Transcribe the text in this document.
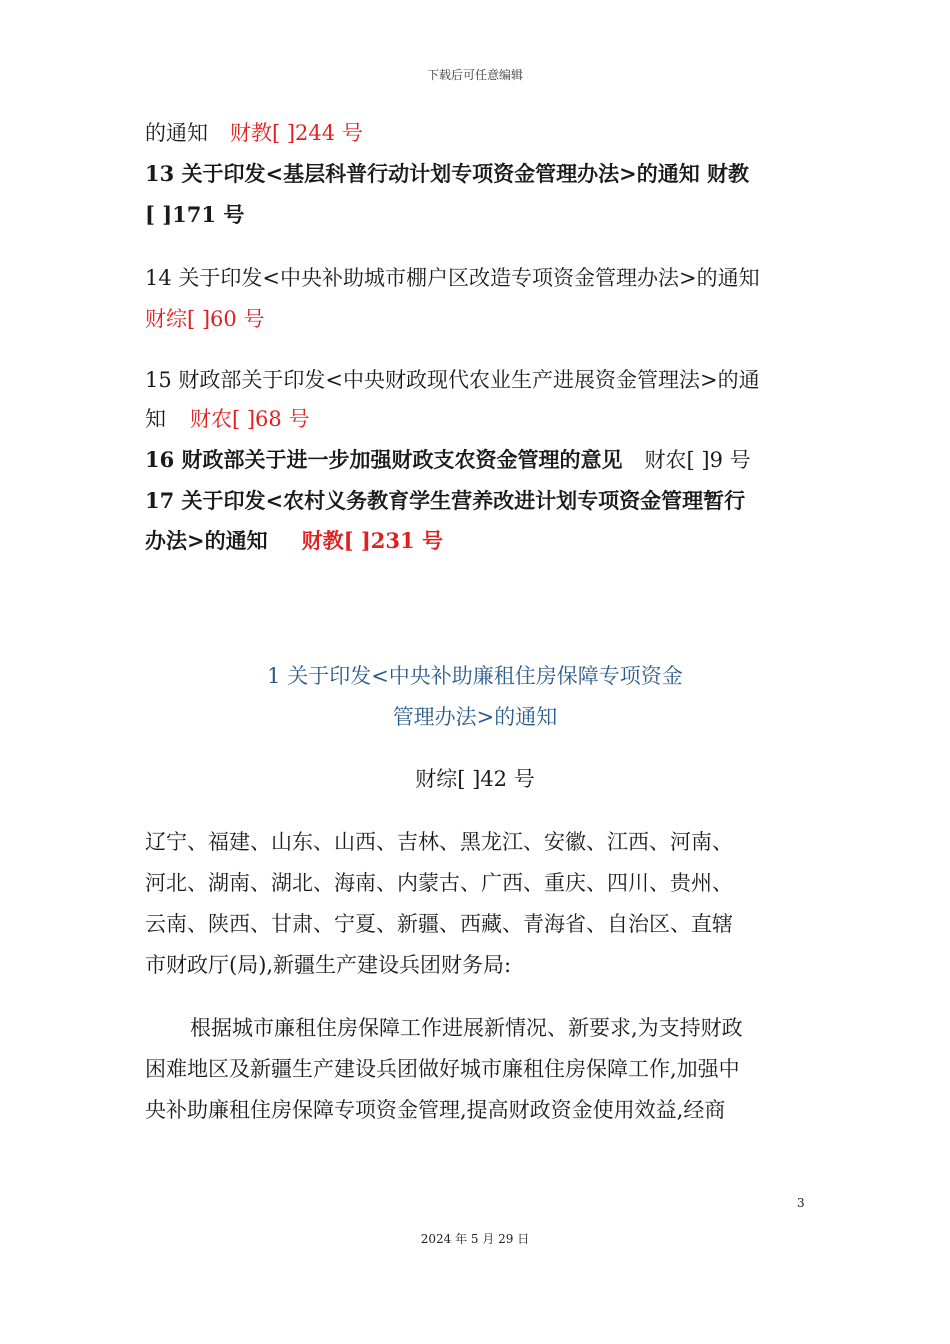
下载后可任意编辑
的通知 财教[ ]244 号
13 关于印发<基层科普行动计划专项资金管理办法>的通知 财教
[ ]171 号
14 关于印发<中央补助城市棚户区改造专项资金管理办法>的通知
财综[ ]60 号
15 财政部关于印发<中央财政现代农业生产进展资金管理法>的通
知 财农[ ]68 号
16 财政部关于进一步加强财政支农资金管理的意见 财农[ ]9 号
17 关于印发<农村义务教育学生营养改进计划专项资金管理暂行
办法>的通知 财教[ ]231 号
1 关于印发<中央补助廉租住房保障专项资金
管理办法>的通知
财综[ ]42 号
辽宁、福建、山东、山西、吉林、黑龙江、安徽、江西、河南、
河北、湖南、湖北、海南、内蒙古、广西、重庆、四川、贵州、
云南、陕西、甘肃、宁夏、新疆、西藏、青海省、自治区、直辖
市财政厅(局),新疆生产建设兵团财务局:
根据城市廉租住房保障工作进展新情况、新要求,为支持财政
困难地区及新疆生产建设兵团做好城市廉租住房保障工作,加强中
央补助廉租住房保障专项资金管理,提高财政资金使用效益,经商
3
2024 年 5 月 29 日
